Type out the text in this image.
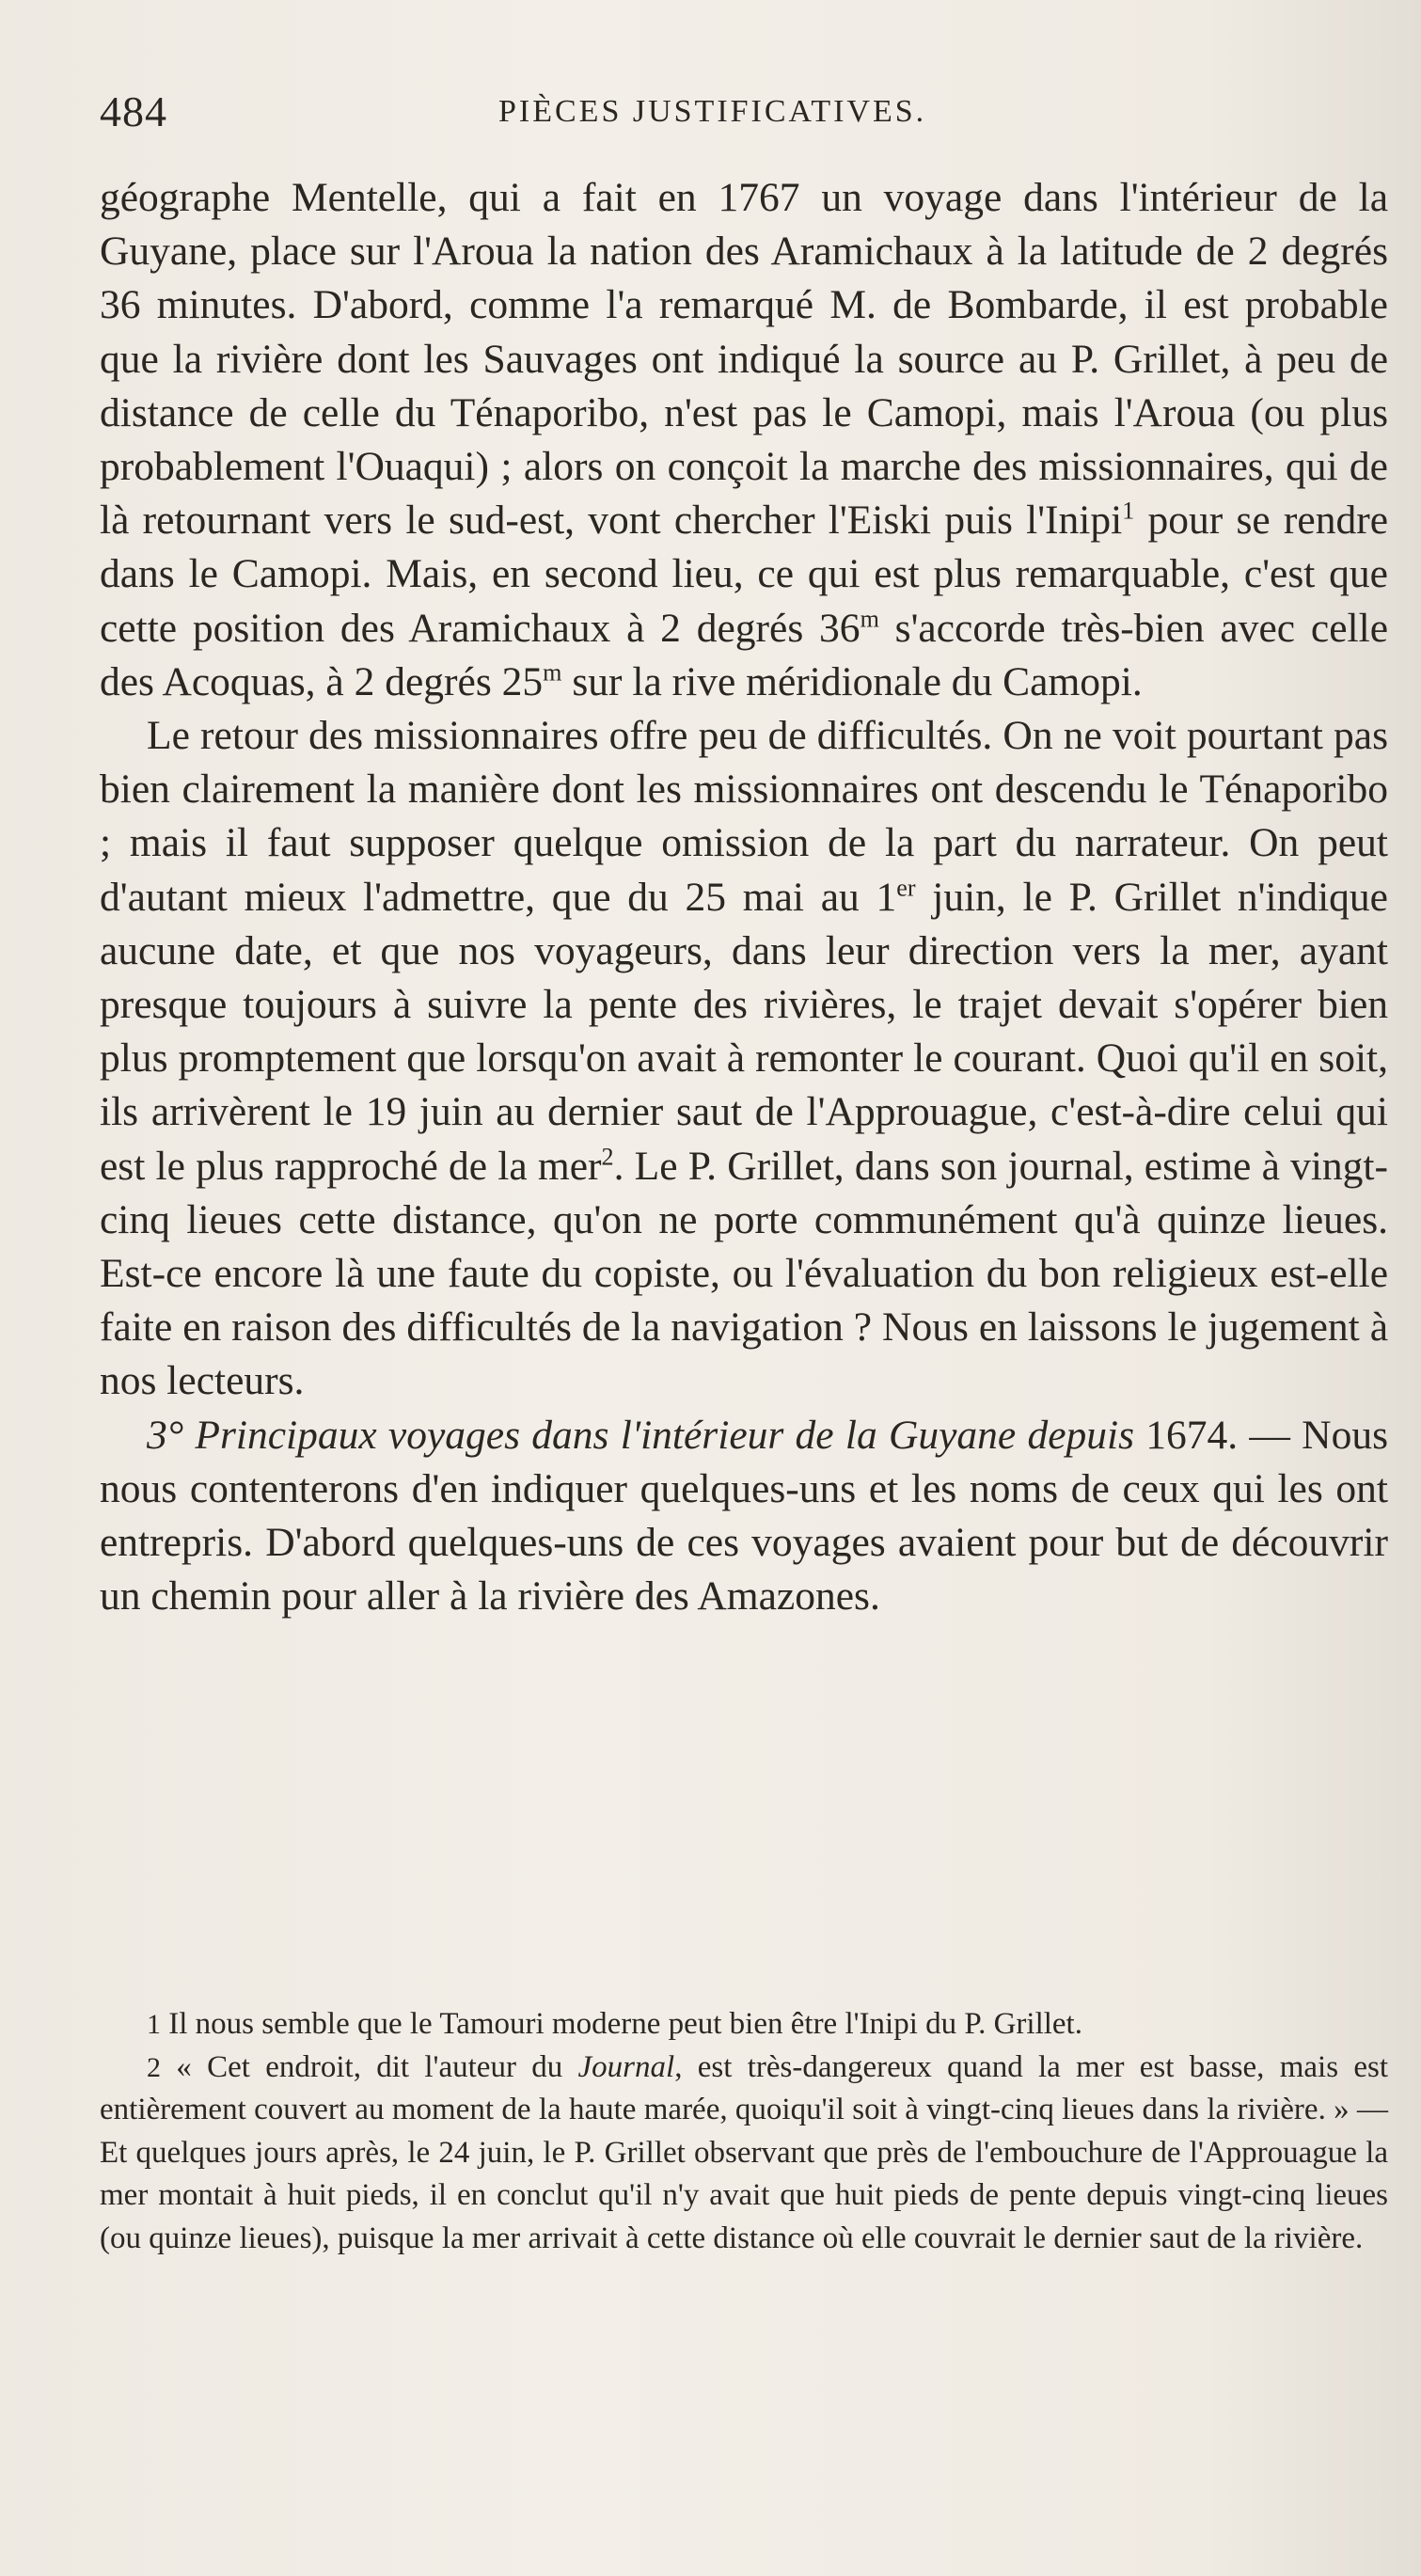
484	PIÈCES JUSTIFICATIVES.

géographe Mentelle, qui a fait en 1767 un voyage dans l'intérieur de la Guyane, place sur l'Aroua la nation des Aramichaux à la latitude de 2 degrés 36 minutes. D'abord, comme l'a remarqué M. de Bombarde, il est probable que la rivière dont les Sauvages ont indiqué la source au P. Grillet, à peu de distance de celle du Ténaporibo, n'est pas le Camopi, mais l'Aroua (ou plus probablement l'Ouaqui) ; alors on conçoit la marche des missionnaires, qui de là retournant vers le sud-est, vont chercher l'Eiski puis l'Inipi$^1$ pour se rendre dans le Camopi. Mais, en second lieu, ce qui est plus remarquable, c'est que cette position des Aramichaux à 2 degrés 36$^m$ s'accorde très-bien avec celle des Acoquas, à 2 degrés 25$^m$ sur la rive méridionale du Camopi.

Le retour des missionnaires offre peu de difficultés. On ne voit pourtant pas bien clairement la manière dont les missionnaires ont descendu le Ténaporibo ; mais il faut supposer quelque omission de la part du narrateur. On peut d'autant mieux l'admettre, que du 25 mai au 1er juin, le P. Grillet n'indique aucune date, et que nos voyageurs, dans leur direction vers la mer, ayant presque toujours à suivre la pente des rivières, le trajet devait s'opérer bien plus promptement que lorsqu'on avait à remonter le courant. Quoi qu'il en soit, ils arrivèrent le 19 juin au dernier saut de l'Approuague, c'est-à-dire celui qui est le plus rapproché de la mer$^2$. Le P. Grillet, dans son journal, estime à vingt-cinq lieues cette distance, qu'on ne porte communément qu'à quinze lieues. Est-ce encore là une faute du copiste, ou l'évaluation du bon religieux est-elle faite en raison des difficultés de la navigation ? Nous en laissons le jugement à nos lecteurs.

3° Principaux voyages dans l'intérieur de la Guyane depuis 1674. — Nous nous contenterons d'en indiquer quelques-uns et les noms de ceux qui les ont entrepris. D'abord quelques-uns de ces voyages avaient pour but de découvrir un chemin pour aller à la rivière des Amazones.

1 Il nous semble que le Tamouri moderne peut bien être l'Inipi du P. Grillet.

2 « Cet endroit, dit l'auteur du Journal, est très-dangereux quand la mer est basse, mais est entièrement couvert au moment de la haute marée, quoiqu'il soit à vingt-cinq lieues dans la rivière. » — Et quelques jours après, le 24 juin, le P. Grillet observant que près de l'embouchure de l'Approuague la mer montait à huit pieds, il en conclut qu'il n'y avait que huit pieds de pente depuis vingt-cinq lieues (ou quinze lieues), puisque la mer arrivait à cette distance où elle couvrait le dernier saut de la rivière.
